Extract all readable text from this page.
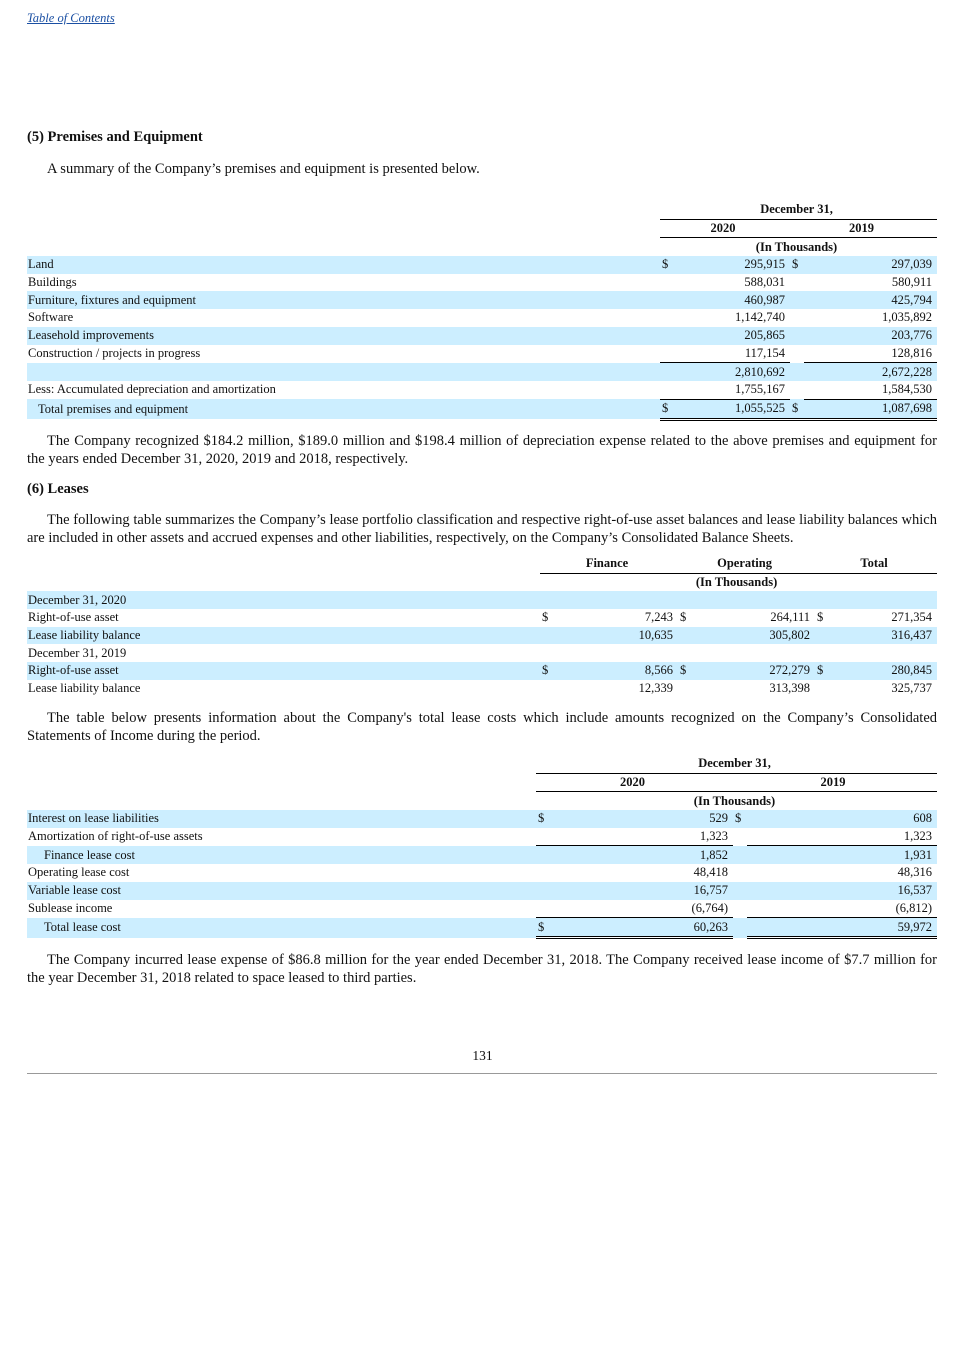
Table of Contents
(5) Premises and Equipment
A summary of the Company’s premises and equipment is presented below.
	December 31,			
	2020		2019	
	(In Thousands)			
Land	$	295,915	$	297,039
Buildings		588,031		580,911
Furniture, fixtures and equipment		460,987		425,794
Software		1,142,740		1,035,892
Leasehold improvements		205,865		203,776
Construction / projects in progress		117,154		128,816
		2,810,692		2,672,228
Less: Accumulated depreciation and amortization		1,755,167		1,584,530
Total premises and equipment	$	1,055,525	$	1,087,698
The Company recognized $184.2 million, $189.0 million and $198.4 million of depreciation expense related to the above premises and equipment for the years ended December 31, 2020, 2019 and 2018, respectively.
(6) Leases
The following table summarizes the Company’s lease portfolio classification and respective right-of-use asset balances and lease liability balances which are included in other assets and accrued expenses and other liabilities, respectively, on the Company’s Consolidated Balance Sheets.
	Finance		Operating		Total	
	(In Thousands)					
December 31, 2020						
Right-of-use asset	$	7,243	$	264,111	$	271,354
Lease liability balance		10,635		305,802		316,437
December 31, 2019						
Right-of-use asset	$	8,566	$	272,279	$	280,845
Lease liability balance		12,339		313,398		325,737
The table below presents information about the Company's total lease costs which include amounts recognized on the Company’s Consolidated Statements of Income during the period.
	December 31,			
	2020		2019	
	(In Thousands)			
Interest on lease liabilities	$	529	$	608
Amortization of right-of-use assets		1,323		1,323
Finance lease cost		1,852		1,931
Operating lease cost		48,418		48,316
Variable lease cost		16,757		16,537
Sublease income		(6,764)		(6,812)
Total lease cost	$	60,263		59,972
The Company incurred lease expense of $86.8 million for the year ended December 31, 2018. The Company received lease income of $7.7 million for the year December 31, 2018 related to space leased to third parties.
131
